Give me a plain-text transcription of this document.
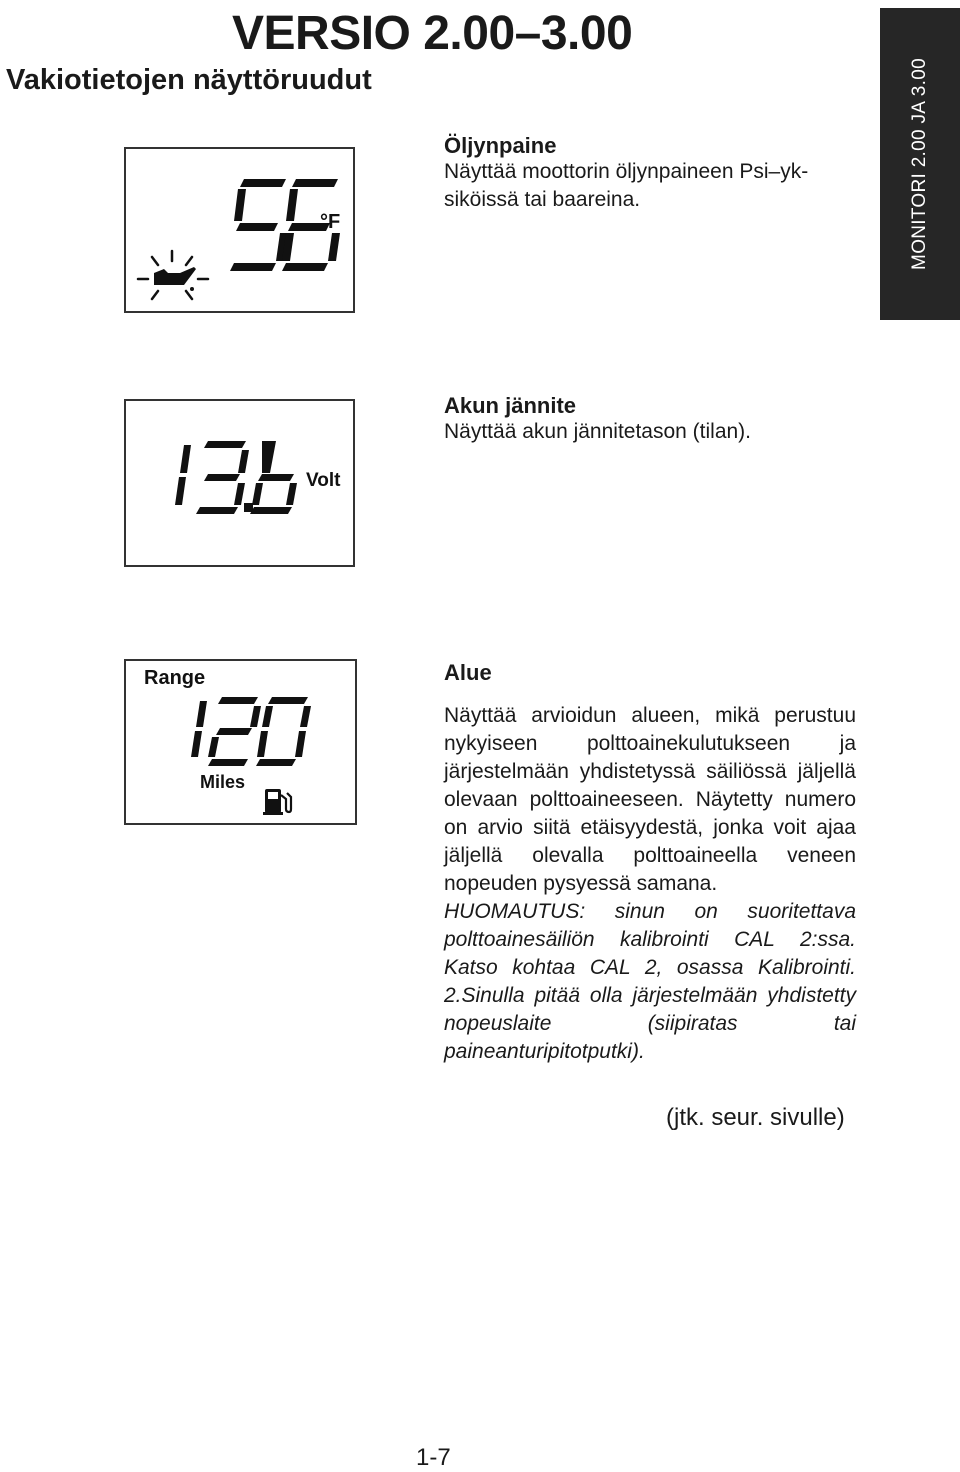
VERSIO 2.00–3.00
Vakiotietojen näyttöruudut	MONITORI 2.00 JA 3.00
°F
Öljynpaine

Näyttää moottorin öljynpaineen Psi–yk-

siköissä tai baareina.

Volt
Akun jännite

Näyttää akun jännitetason (tilan).

Range
Miles
Alue

Näyttää arvioidun alueen, mikä perustuu nykyiseen polttoainekulutukseen ja järjestelmään yhdistetyssä säiliössä jäljellä olevaan polttoaineeseen. Näytetty numero on arvio siitä etäisyydestä, jonka voit ajaa jäljellä olevalla polttoaineella veneen nopeuden pysyessä samana.

HUOMAUTUS: sinun on suoritettava polttoainesäiliön kalibrointi CAL 2:ssa. Katso kohtaa CAL 2, osassa Kalibrointi. 2.Sinulla pitää olla järjestelmään yhdistetty nopeuslaite (siipiratas tai paineanturipitotputki).

(jtk. seur. sivulle)
1-7
